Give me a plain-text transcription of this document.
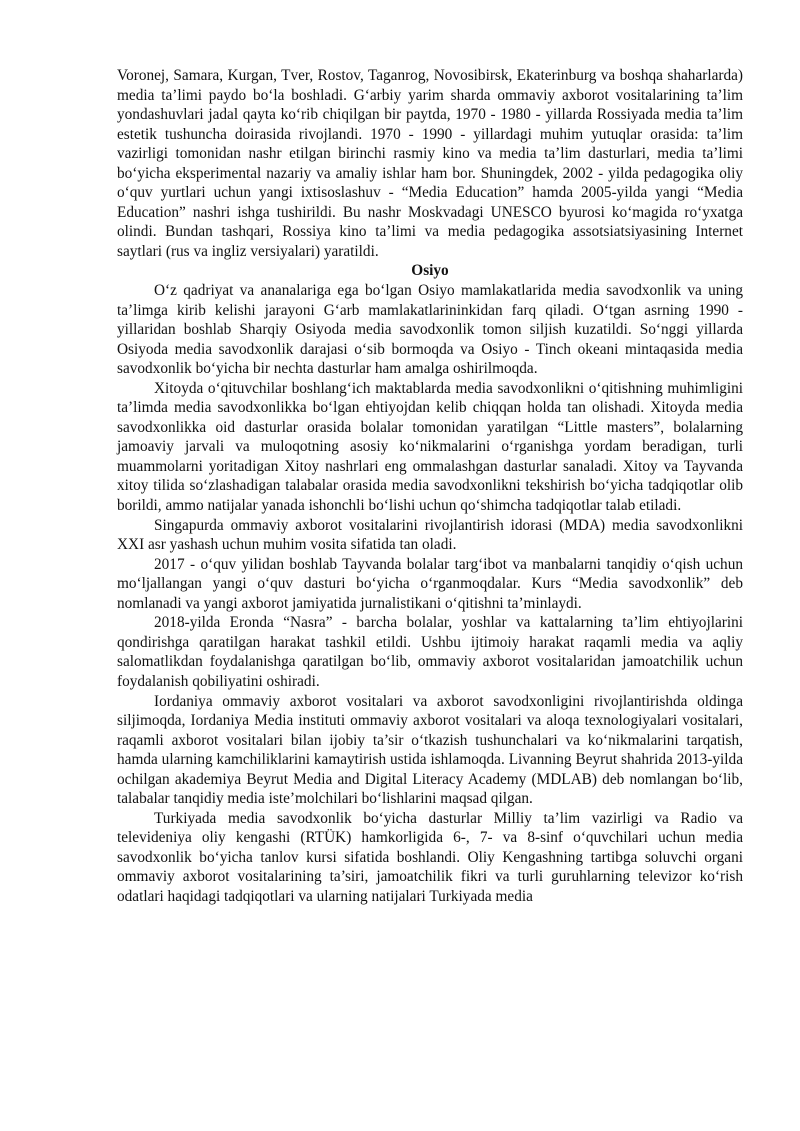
Voronej, Samara, Kurgan, Tver, Rostov, Taganrog, Novosibirsk, Ekaterinburg va boshqa shaharlarda) media ta’limi paydo bo‘la boshladi. G‘arbiy yarim sharda ommaviy axborot vositalarining ta’lim yondashuvlari jadal qayta ko‘rib chiqilgan bir paytda, 1970 - 1980 - yillarda Rossiyada media ta’lim estetik tushuncha doirasida rivojlandi. 1970 - 1990 - yillardagi muhim yutuqlar orasida: ta’lim vazirligi tomonidan nashr etilgan birinchi rasmiy kino va media ta’lim dasturlari, media ta’limi bo‘yicha eksperimental nazariy va amaliy ishlar ham bor. Shuningdek, 2002 - yilda pedagogika oliy o‘quv yurtlari uchun yangi ixtisoslashuv - “Media Education” hamda 2005-yilda yangi “Media Education” nashri ishga tushirildi. Bu nashr Moskvadagi UNESCO byurosi ko‘magida ro‘yxatga olindi. Bundan tashqari, Rossiya kino ta’limi va media pedagogika assotsiatsiyasining Internet saytlari (rus va ingliz versiyalari) yaratildi.

Osiyo

O‘z qadriyat va ananalariga ega bo‘lgan Osiyo mamlakatlarida media savodxonlik va uning ta’limga kirib kelishi jarayoni G‘arb mamlakatlarininkidan farq qiladi. O‘tgan asrning 1990 - yillaridan boshlab Sharqiy Osiyoda media savodxonlik tomon siljish kuzatildi. So‘nggi yillarda Osiyoda media savodxonlik darajasi o‘sib bormoqda va Osiyo - Tinch okeani mintaqasida media savodxonlik bo‘yicha bir nechta dasturlar ham amalga oshirilmoqda.

Xitoyda o‘qituvchilar boshlang‘ich maktablarda media savodxonlikni o‘qitishning muhimligini ta’limda media savodxonlikka bo‘lgan ehtiyojdan kelib chiqqan holda tan olishadi. Xitoyda media savodxonlikka oid dasturlar orasida bolalar tomonidan yaratilgan “Little masters”, bolalarning jamoaviy jarvali va muloqotning asosiy ko‘nikmalarini o‘rganishga yordam beradigan, turli muammolarni yoritadigan Xitoy nashrlari eng ommalashgan dasturlar sanaladi. Xitoy va Tayvanda xitoy tilida so‘zlashadigan talabalar orasida media savodxonlikni tekshirish bo‘yicha tadqiqotlar olib borildi, ammo natijalar yanada ishonchli bo‘lishi uchun qo‘shimcha tadqiqotlar talab etiladi.

Singapurda ommaviy axborot vositalarini rivojlantirish idorasi (MDA) media savodxonlikni XXI asr yashash uchun muhim vosita sifatida tan oladi.

2017 - o‘quv yilidan boshlab Tayvanda bolalar targ‘ibot va manbalarni tanqidiy o‘qish uchun mo‘ljallangan yangi o‘quv dasturi bo‘yicha o‘rganmoqdalar. Kurs “Media savodxonlik” deb nomlanadi va yangi axborot jamiyatida jurnalistikani o‘qitishni ta’minlaydi.

2018-yilda Eronda “Nasra” - barcha bolalar, yoshlar va kattalarning ta’lim ehtiyojlarini qondirishga qaratilgan harakat tashkil etildi. Ushbu ijtimoiy harakat raqamli media va aqliy salomatlikdan foydalanishga qaratilgan bo‘lib, ommaviy axborot vositalaridan jamoatchilik uchun foydalanish qobiliyatini oshiradi.

Iordaniya ommaviy axborot vositalari va axborot savodxonligini rivojlantirishda oldinga siljimoqda, Iordaniya Media instituti ommaviy axborot vositalari va aloqa texnologiyalari vositalari, raqamli axborot vositalari bilan ijobiy ta’sir o‘tkazish tushunchalari va ko‘nikmalarini tarqatish, hamda ularning kamchiliklarini kamaytirish ustida ishlamoqda. Livanning Beyrut shahrida 2013-yilda ochilgan akademiya Beyrut Media and Digital Literacy Academy (MDLAB) deb nomlangan bo‘lib, talabalar tanqidiy media iste’molchilari bo‘lishlarini maqsad qilgan.

Turkiyada media savodxonlik bo‘yicha dasturlar Milliy ta’lim vazirligi va Radio va televideniya oliy kengashi (RTÜK) hamkorligida 6-, 7- va 8-sinf o‘quvchilari uchun media savodxonlik bo‘yicha tanlov kursi sifatida boshlandi. Oliy Kengashning tartibga soluvchi organi ommaviy axborot vositalarining ta’siri, jamoatchilik fikri va turli guruhlarning televizor ko‘rish odatlari haqidagi tadqiqotlari va ularning natijalari Turkiyada media
